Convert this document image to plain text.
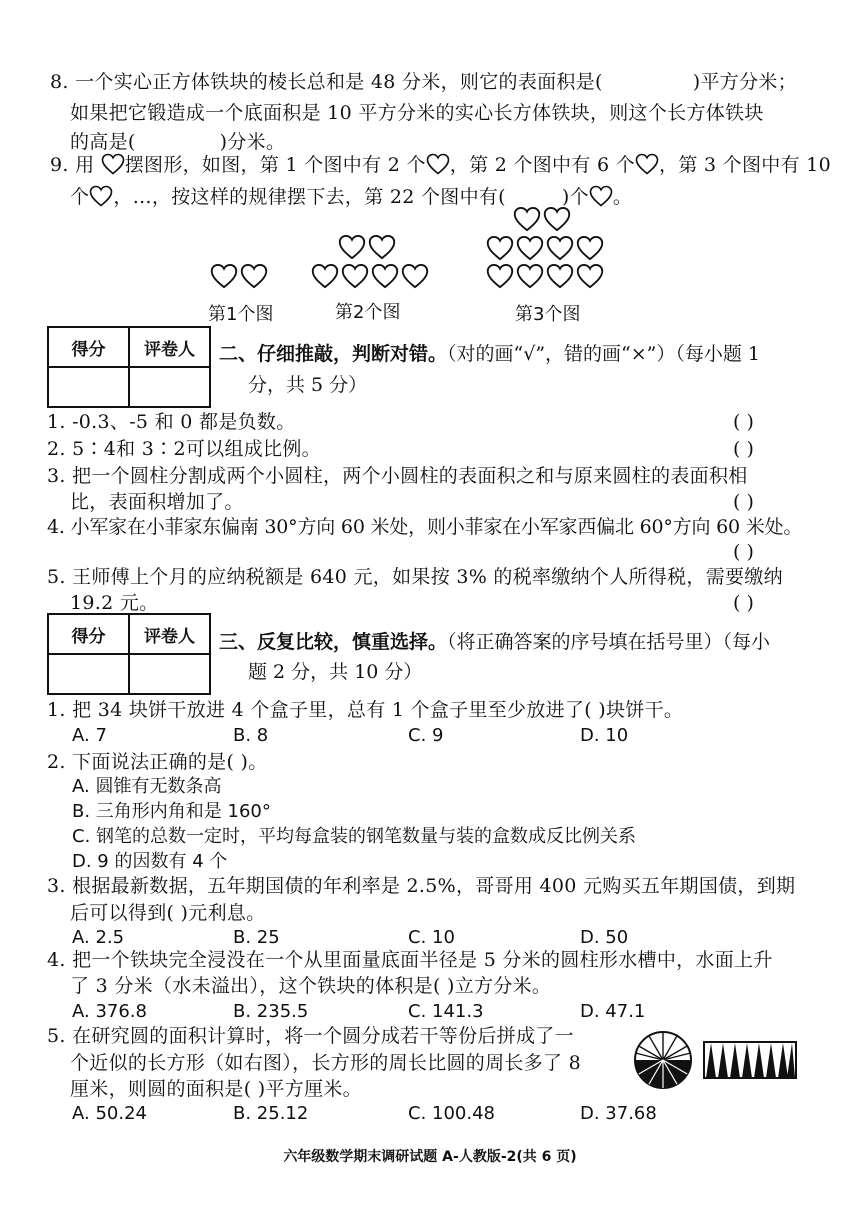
8. 一个实心正方体铁块的棱长总和是 48 分米，则它的表面积是(	)平方分米；
如果把它锻造成一个底面积是 10 平方分米的实心长方体铁块，则这个长方体铁块
的高是(	)分米。
9. 用 摆图形，如图，第 1 个图中有 2 个 ，第 2 个图中有 6 个 ，第 3 个图中有 10
个 ，…，按这样的规律摆下去，第 22 个图中有(	)个 。
第1个图	第2个图	第3个图
得分	评卷人
	二、仔细推敲，判断对错。（对的画“√”，错的画“×”）（每小题 1
分，共 5 分）
1. -0.3、-5 和 0 都是负数。	( )
2. 5∶4和 3∶2可以组成比例。	( )
3. 把一个圆柱分割成两个小圆柱，两个小圆柱的表面积之和与原来圆柱的表面积相
比，表面积增加了。	( )
4. 小军家在小菲家东偏南 30°方向 60 米处，则小菲家在小军家西偏北 60°方向 60 米处。
( )
5. 王师傅上个月的应纳税额是 640 元，如果按 3% 的税率缴纳个人所得税，需要缴纳
19.2 元。	( )
得分	评卷人
	三、反复比较，慎重选择。（将正确答案的序号填在括号里）（每小
题 2 分，共 10 分）
1. 把 34 块饼干放进 4 个盒子里，总有 1 个盒子里至少放进了( )块饼干。
A. 7	B. 8	C. 9	D. 10
2. 下面说法正确的是( )。
A. 圆锥有无数条高
B. 三角形内角和是 160°
C. 钢笔的总数一定时，平均每盒装的钢笔数量与装的盒数成反比例关系
D. 9 的因数有 4 个
3. 根据最新数据，五年期国债的年利率是 2.5%，哥哥用 400 元购买五年期国债，到期
后可以得到( )元利息。
A. 2.5	B. 25	C. 10	D. 50
4. 把一个铁块完全浸没在一个从里面量底面半径是 5 分米的圆柱形水槽中，水面上升
了 3 分米（水未溢出），这个铁块的体积是( )立方分米。
A. 376.8	B. 235.5	C. 141.3	D. 47.1
5. 在研究圆的面积计算时，将一个圆分成若干等份后拼成了一
个近似的长方形（如右图），长方形的周长比圆的周长多了 8
厘米，则圆的面积是( )平方厘米。
A. 50.24	B. 25.12	C. 100.48	D. 37.68
六年级数学期末调研试题 A-人教版-2(共 6 页)
